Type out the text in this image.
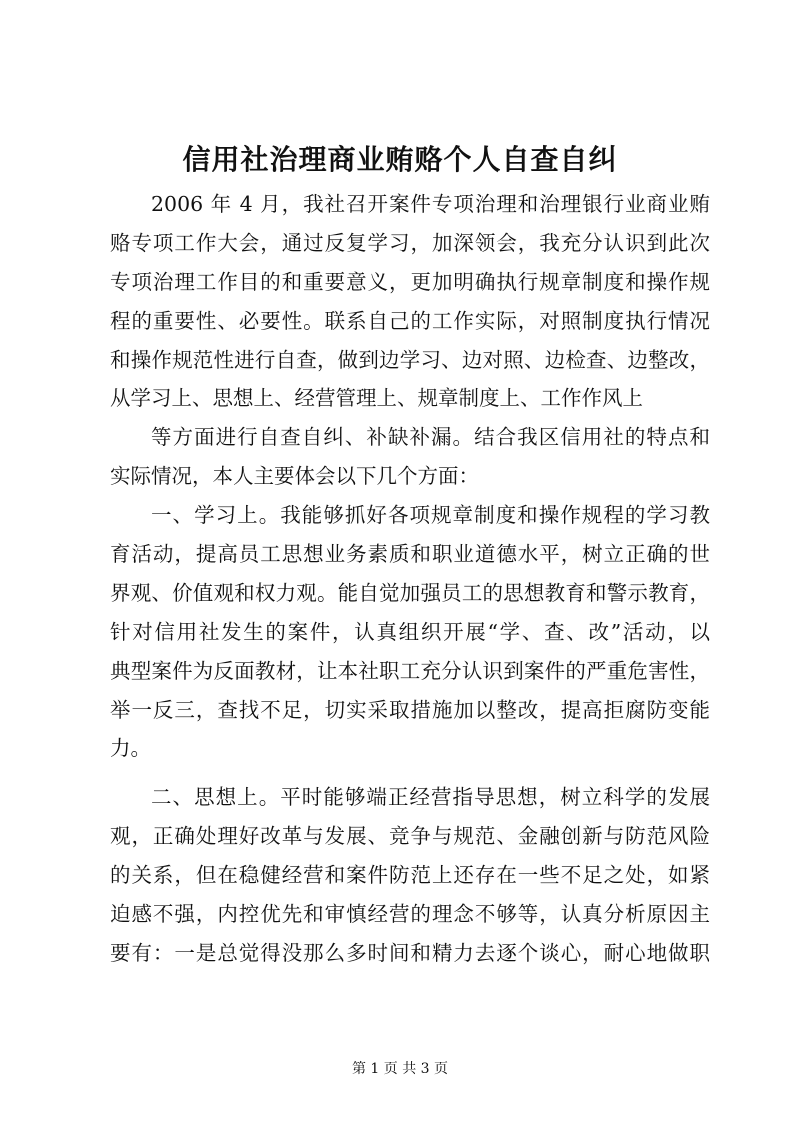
信用社治理商业贿赂个人自查自纠
2006 年 4 月，我社召开案件专项治理和治理银行业商业贿
赂专项工作大会，通过反复学习，加深领会，我充分认识到此次
专项治理工作目的和重要意义，更加明确执行规章制度和操作规
程的重要性、必要性。联系自己的工作实际，对照制度执行情况
和操作规范性进行自查，做到边学习、边对照、边检查、边整改，
从学习上、思想上、经营管理上、规章制度上、工作作风上
等方面进行自查自纠、补缺补漏。结合我区信用社的特点和
实际情况，本人主要体会以下几个方面：
一、学习上。我能够抓好各项规章制度和操作规程的学习教
育活动，提高员工思想业务素质和职业道德水平，树立正确的世
界观、价值观和权力观。能自觉加强员工的思想教育和警示教育，
针对信用社发生的案件，认真组织开展“学、查、改”活动，以
典型案件为反面教材，让本社职工充分认识到案件的严重危害性，
举一反三，查找不足，切实采取措施加以整改，提高拒腐防变能
力。
二、思想上。平时能够端正经营指导思想，树立科学的发展
观，正确处理好改革与发展、竞争与规范、金融创新与防范风险
的关系，但在稳健经营和案件防范上还存在一些不足之处，如紧
迫感不强，内控优先和审慎经营的理念不够等，认真分析原因主
要有：一是总觉得没那么多时间和精力去逐个谈心，耐心地做职
第 1 页 共 3 页
